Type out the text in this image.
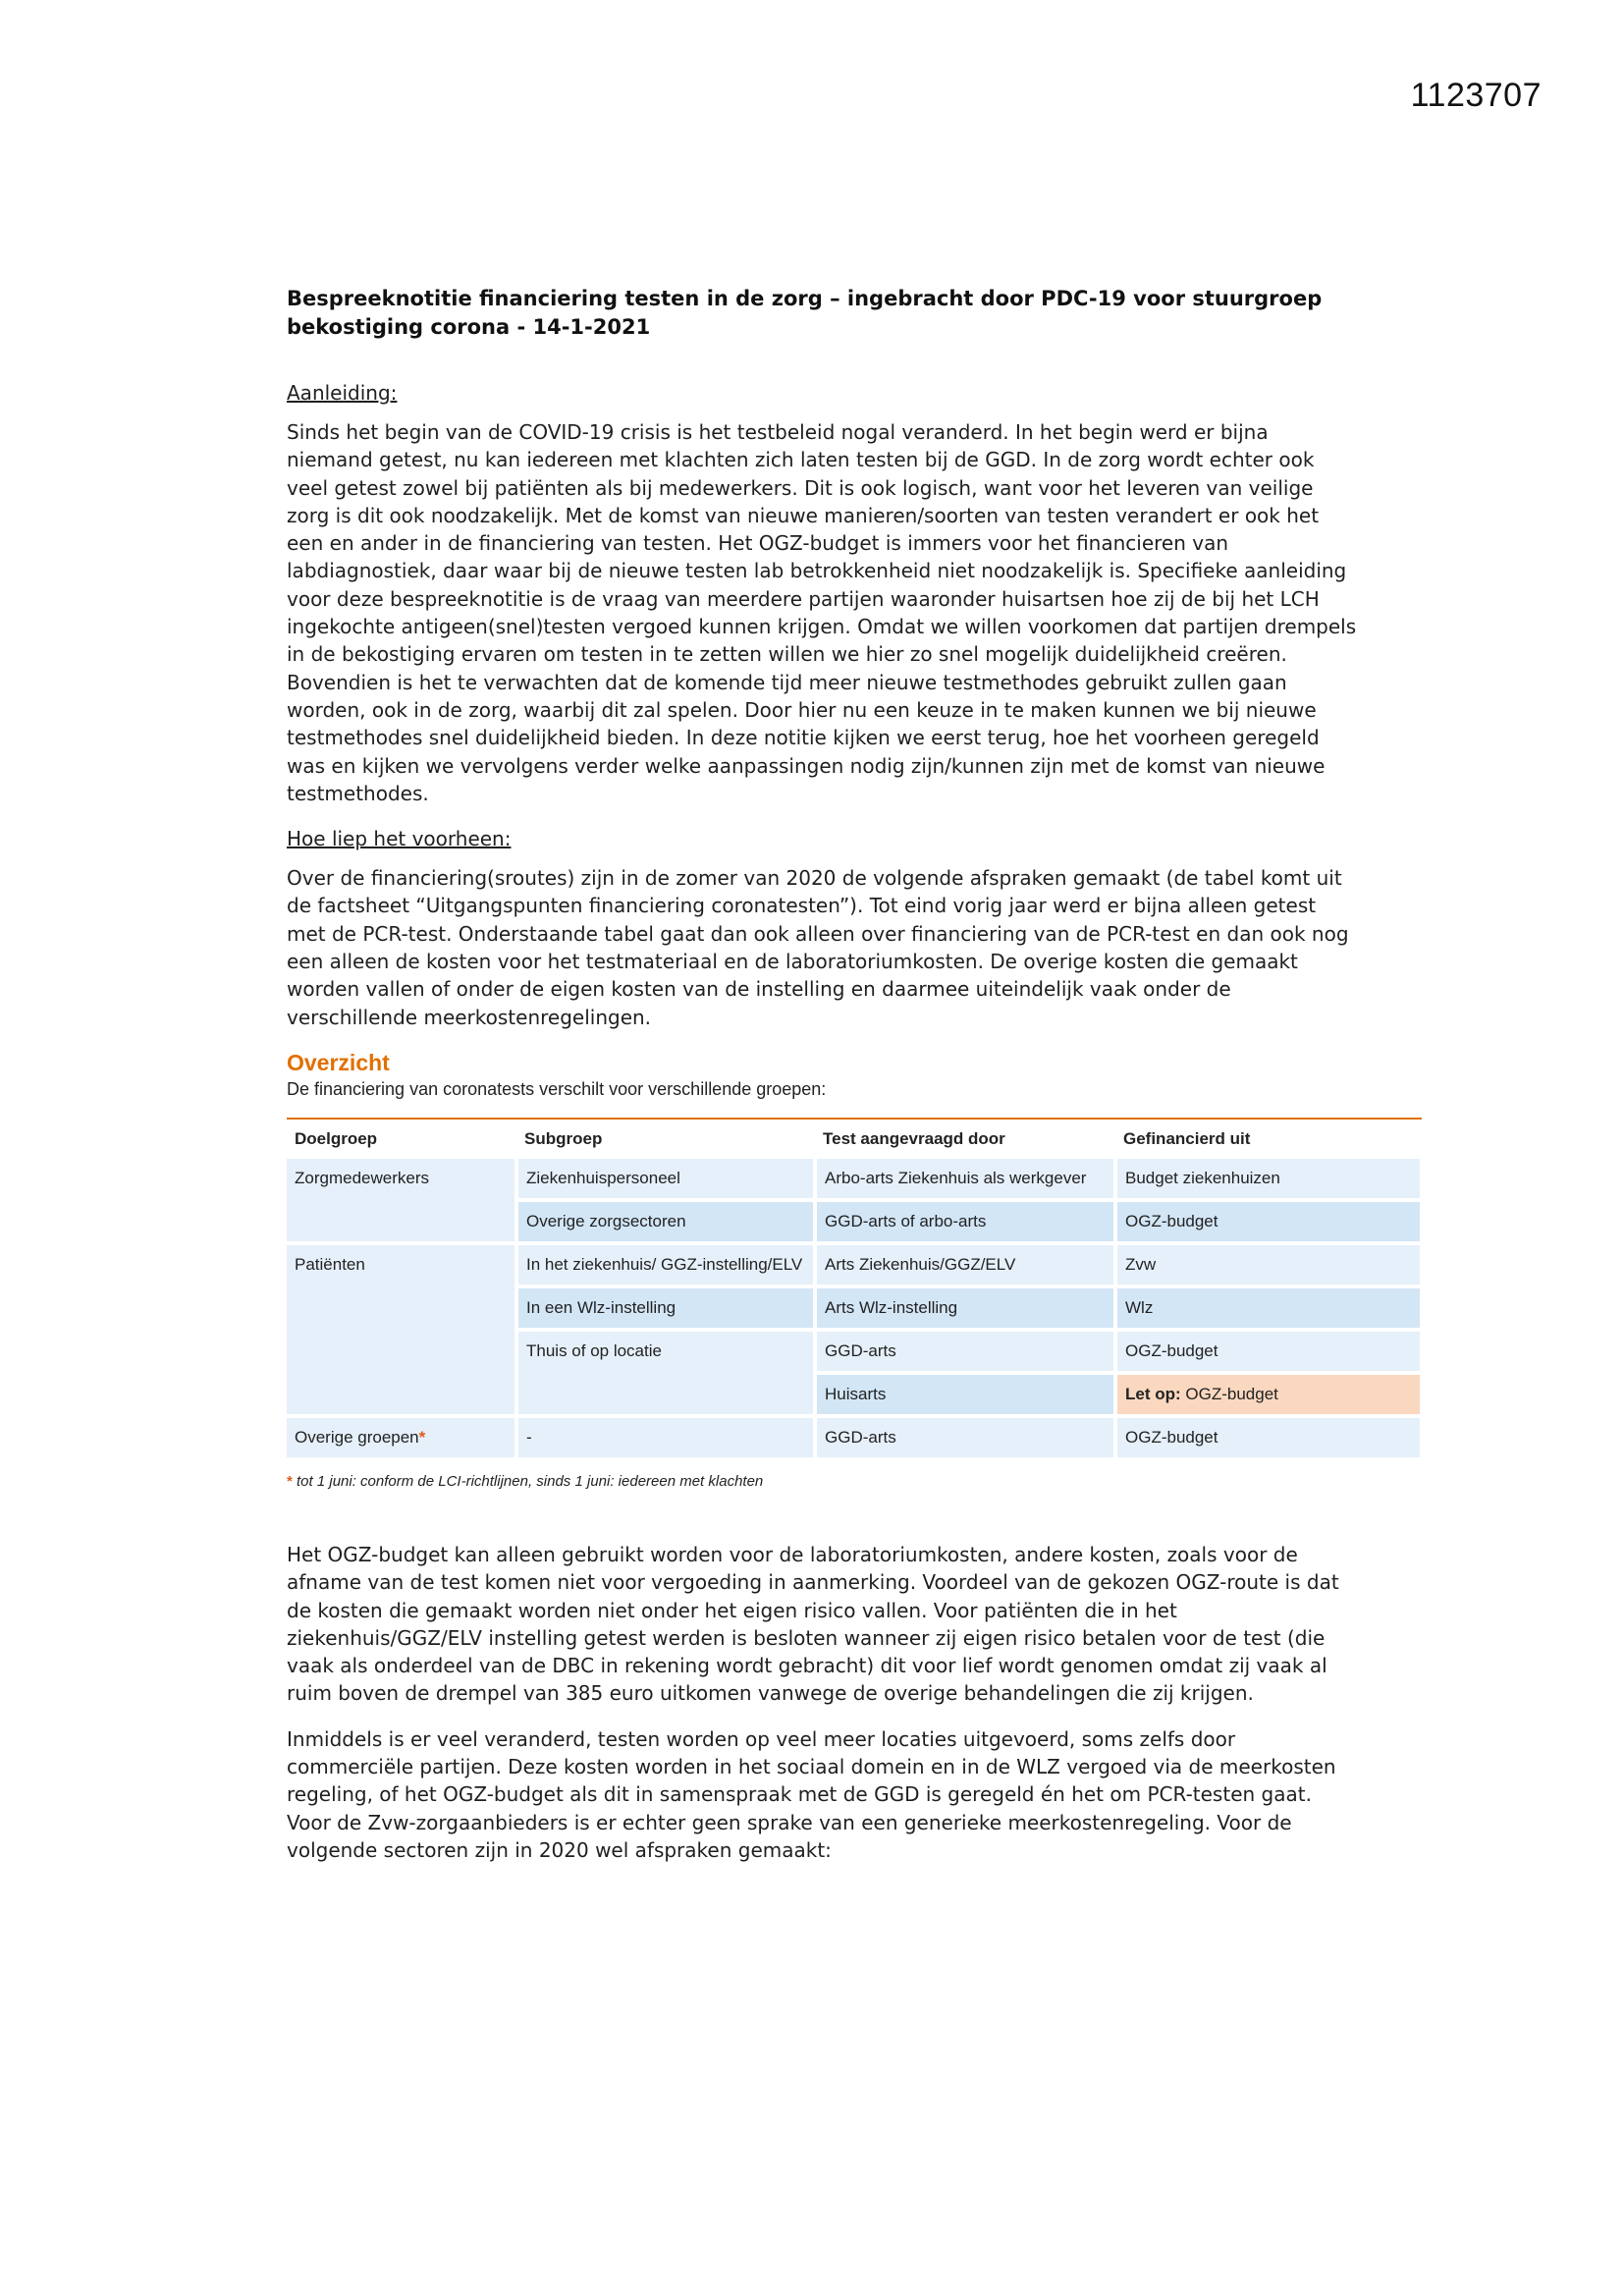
1123707
Bespreeknotitie financiering testen in de zorg – ingebracht door PDC-19 voor stuurgroep bekostiging corona - 14-1-2021
Aanleiding:

Sinds het begin van de COVID-19 crisis is het testbeleid nogal veranderd. In het begin werd er bijna niemand getest, nu kan iedereen met klachten zich laten testen bij de GGD. In de zorg wordt echter ook veel getest zowel bij patiënten als bij medewerkers. Dit is ook logisch, want voor het leveren van veilige zorg is dit ook noodzakelijk. Met de komst van nieuwe manieren/soorten van testen verandert er ook het een en ander in de financiering van testen. Het OGZ-budget is immers voor het financieren van labdiagnostiek, daar waar bij de nieuwe testen lab betrokkenheid niet noodzakelijk is. Specifieke aanleiding voor deze bespreeknotitie is de vraag van meerdere partijen waaronder huisartsen hoe zij de bij het LCH ingekochte antigeen(snel)testen vergoed kunnen krijgen. Omdat we willen voorkomen dat partijen drempels in de bekostiging ervaren om testen in te zetten willen we hier zo snel mogelijk duidelijkheid creëren. Bovendien is het te verwachten dat de komende tijd meer nieuwe testmethodes gebruikt zullen gaan worden, ook in de zorg, waarbij dit zal spelen. Door hier nu een keuze in te maken kunnen we bij nieuwe testmethodes snel duidelijkheid bieden. In deze notitie kijken we eerst terug, hoe het voorheen geregeld was en kijken we vervolgens verder welke aanpassingen nodig zijn/kunnen zijn met de komst van nieuwe testmethodes.

Hoe liep het voorheen:

Over de financiering(sroutes) zijn in de zomer van 2020 de volgende afspraken gemaakt (de tabel komt uit de factsheet “Uitgangspunten financiering coronatesten”). Tot eind vorig jaar werd er bijna alleen getest met de PCR-test. Onderstaande tabel gaat dan ook alleen over financiering van de PCR-test en dan ook nog een alleen de kosten voor het testmateriaal en de laboratoriumkosten. De overige kosten die gemaakt worden vallen of onder de eigen kosten van de instelling en daarmee uiteindelijk vaak onder de verschillende meerkostenregelingen.

Overzicht
De financiering van coronatests verschilt voor verschillende groepen:
Doelgroep	Subgroep	Test aangevraagd door	Gefinancierd uit
Zorgmedewerkers	Ziekenhuispersoneel	Arbo-arts Ziekenhuis als werkgever	Budget ziekenhuizen
	Overige zorgsectoren	GGD-arts of arbo-arts	OGZ-budget
Patiënten	In het ziekenhuis/ GGZ-instelling/ELV	Arts Ziekenhuis/GGZ/ELV	Zvw
	In een Wlz-instelling	Arts Wlz-instelling	Wlz
	Thuis of op locatie	GGD-arts	OGZ-budget
		Huisarts	Let op: OGZ-budget
Overige groepen*	-	GGD-arts	OGZ-budget
* tot 1 juni: conform de LCI-richtlijnen, sinds 1 juni: iedereen met klachten

Het OGZ-budget kan alleen gebruikt worden voor de laboratoriumkosten, andere kosten, zoals voor de afname van de test komen niet voor vergoeding in aanmerking. Voordeel van de gekozen OGZ-route is dat de kosten die gemaakt worden niet onder het eigen risico vallen. Voor patiënten die in het ziekenhuis/GGZ/ELV instelling getest werden is besloten wanneer zij eigen risico betalen voor de test (die vaak als onderdeel van de DBC in rekening wordt gebracht) dit voor lief wordt genomen omdat zij vaak al ruim boven de drempel van 385 euro uitkomen vanwege de overige behandelingen die zij krijgen.

Inmiddels is er veel veranderd, testen worden op veel meer locaties uitgevoerd, soms zelfs door commerciële partijen. Deze kosten worden in het sociaal domein en in de WLZ vergoed via de meerkosten regeling, of het OGZ-budget als dit in samenspraak met de GGD is geregeld én het om PCR-testen gaat. Voor de Zvw-zorgaanbieders is er echter geen sprake van een generieke meerkostenregeling. Voor de volgende sectoren zijn in 2020 wel afspraken gemaakt:
